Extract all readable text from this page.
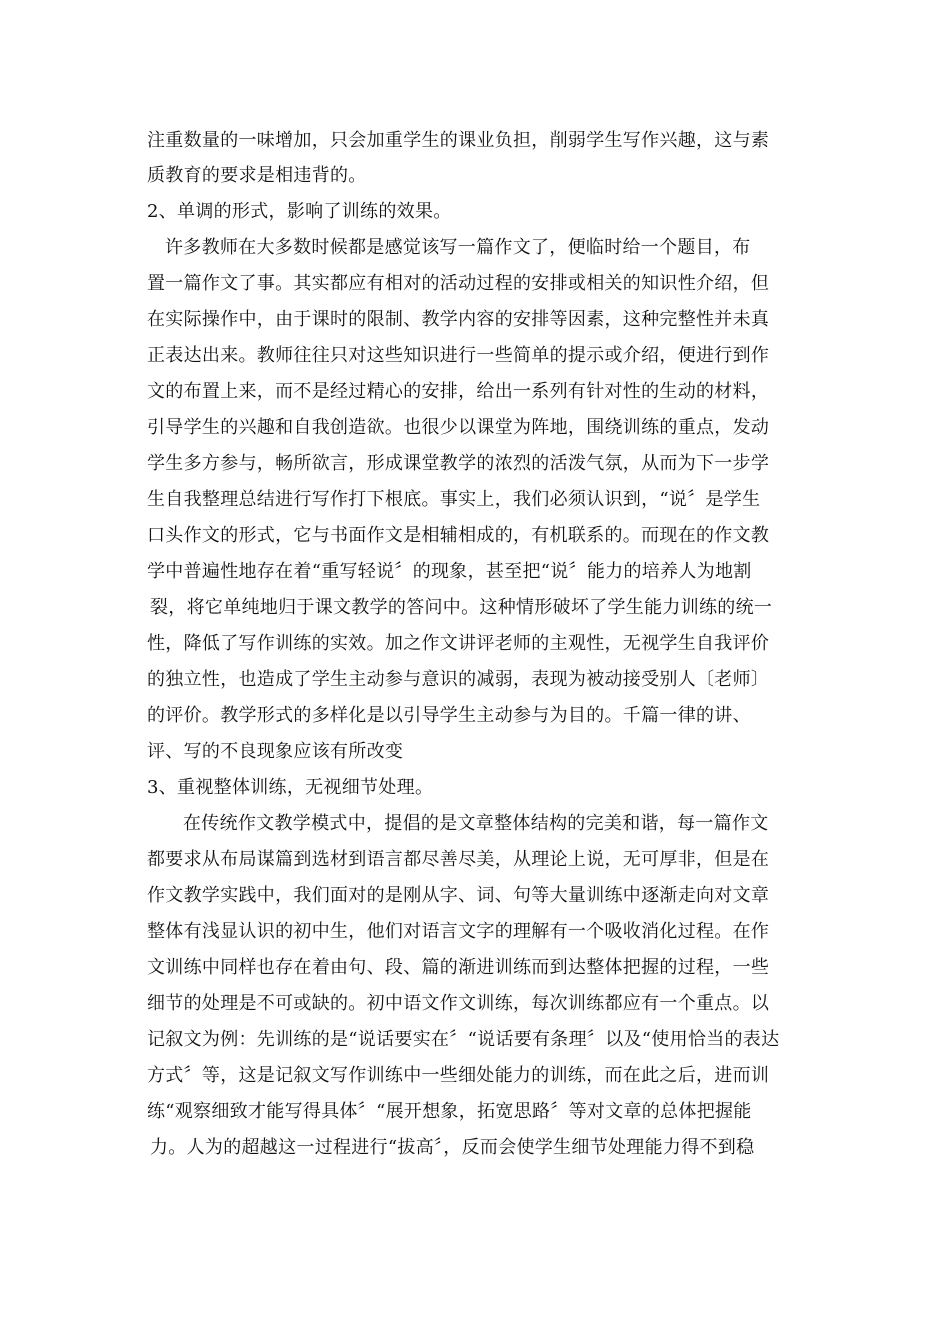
注重数量的一味增加，只会加重学生的课业负担，削弱学生写作兴趣，这与素
质教育的要求是相违背的。
2、单调的形式，影响了训练的效果。
许多教师在大多数时候都是感觉该写一篇作文了，便临时给一个题目，布
置一篇作文了事。其实都应有相对的活动过程的安排或相关的知识性介绍，但
在实际操作中，由于课时的限制、教学内容的安排等因素，这种完整性并未真
正表达出来。教师往往只对这些知识进行一些简单的提示或介绍，便进行到作
文的布置上来，而不是经过精心的安排，给出一系列有针对性的生动的材料，
引导学生的兴趣和自我创造欲。也很少以课堂为阵地，围绕训练的重点，发动
学生多方参与，畅所欲言，形成课堂教学的浓烈的活泼气氛，从而为下一步学
生自我整理总结进行写作打下根底。事实上，我们必须认识到，“说〞是学生
口头作文的形式，它与书面作文是相辅相成的，有机联系的。而现在的作文教
学中普遍性地存在着“重写轻说〞的现象，甚至把“说〞能力的培养人为地割
裂，将它单纯地归于课文教学的答问中。这种情形破坏了学生能力训练的统一
性，降低了写作训练的实效。加之作文讲评老师的主观性，无视学生自我评价
的独立性，也造成了学生主动参与意识的减弱，表现为被动接受别人〔老师〕
的评价。教学形式的多样化是以引导学生主动参与为目的。千篇一律的讲、
评、写的不良现象应该有所改变
3、重视整体训练，无视细节处理。
在传统作文教学模式中，提倡的是文章整体结构的完美和谐，每一篇作文
都要求从布局谋篇到选材到语言都尽善尽美，从理论上说，无可厚非，但是在
作文教学实践中，我们面对的是刚从字、词、句等大量训练中逐渐走向对文章
整体有浅显认识的初中生，他们对语言文字的理解有一个吸收消化过程。在作
文训练中同样也存在着由句、段、篇的渐进训练而到达整体把握的过程，一些
细节的处理是不可或缺的。初中语文作文训练，每次训练都应有一个重点。以
记叙文为例：先训练的是“说话要实在〞“说话要有条理〞以及“使用恰当的表达
方式〞等，这是记叙文写作训练中一些细处能力的训练，而在此之后，进而训
练“观察细致才能写得具体〞“展开想象，拓宽思路〞等对文章的总体把握能
力。人为的超越这一过程进行“拔高〞，反而会使学生细节处理能力得不到稳
